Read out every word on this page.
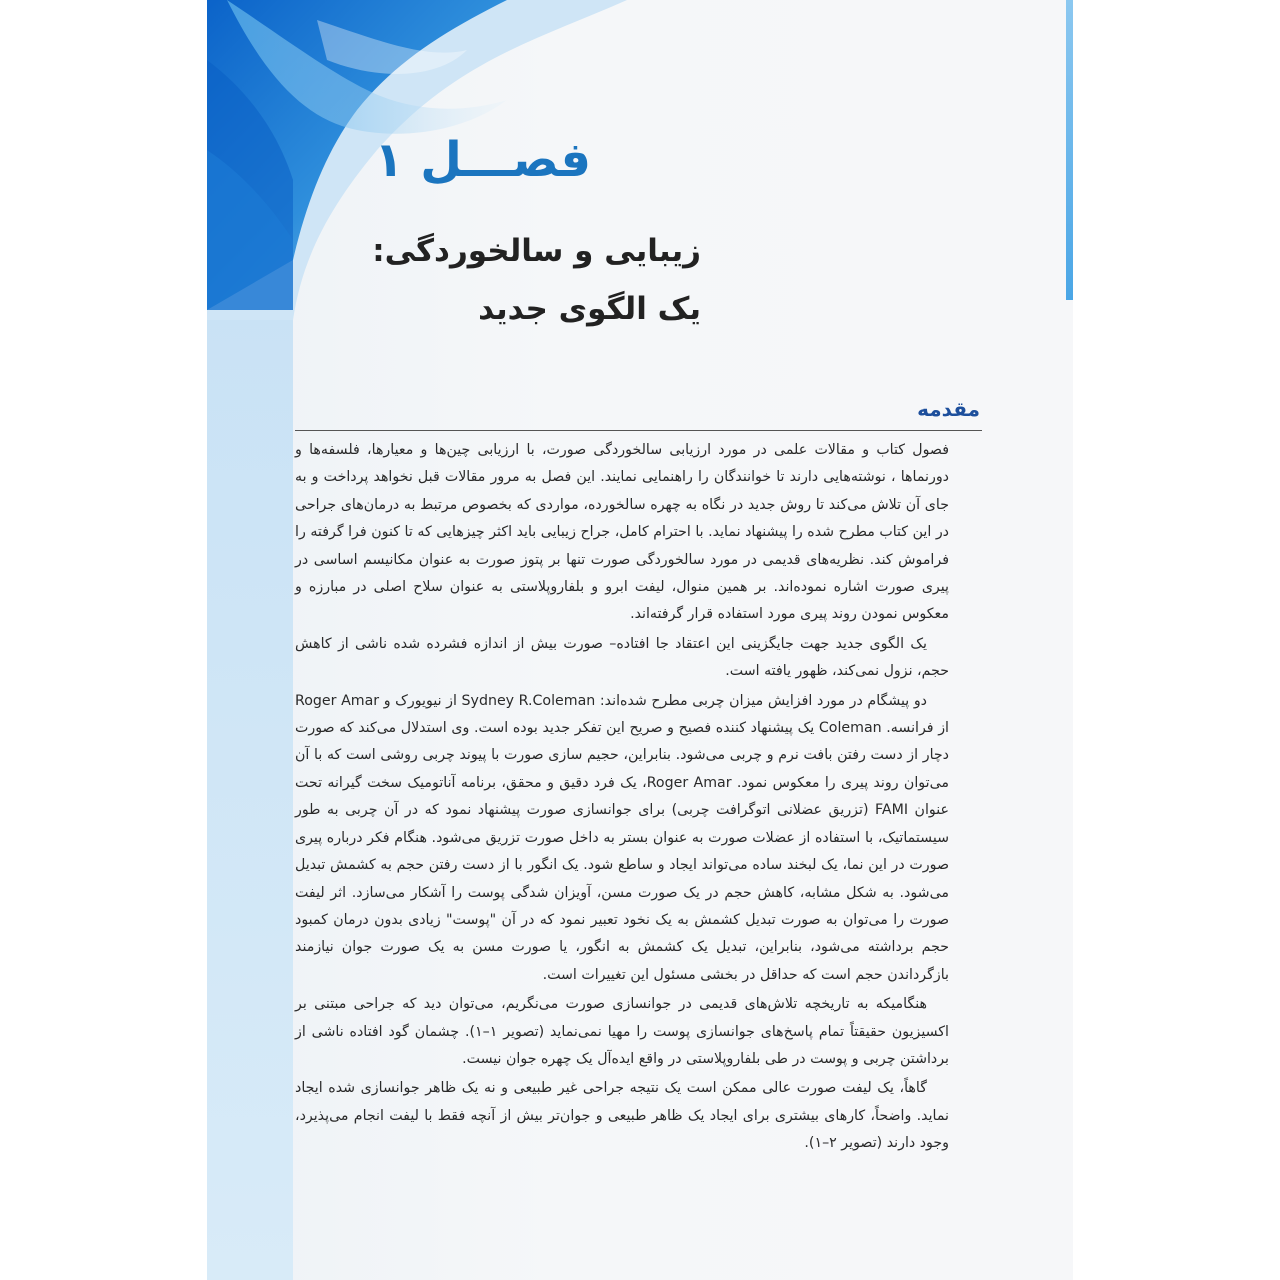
فصـــل ۱
زیبایی و سالخوردگی:
یک الگوی جدید
مقدمه

فصول کتاب و مقالات علمی در مورد ارزیابی سالخوردگی صورت، با ارزیابی چین‌ها و معیارها، فلسفه‌ها و دورنماها ، نوشته‌هایی دارند تا خوانندگان را راهنمایی نمایند. این فصل به مرور مقالات قبل نخواهد پرداخت و به جای آن تلاش می‌کند تا روش جدید در نگاه به چهره سالخورده، مواردی که بخصوص مرتبط به درمان‌های جراحی در این کتاب مطرح شده را پیشنهاد نماید. با احترام کامل، جراح زیبایی باید اکثر چیزهایی که تا کنون فرا گرفته را فراموش کند. نظریه‌های قدیمی در مورد سالخوردگی صورت تنها بر پتوز صورت به عنوان مکانیسم اساسی در پیری صورت اشاره نموده‌اند. بر همین منوال، لیفت ابرو و بلفاروپلاستی به عنوان سلاح اصلی در مبارزه و معکوس نمودن روند پیری مورد استفاده قرار گرفته‌اند.

یک الگوی جدید جهت جایگزینی این اعتقاد جا افتاده– صورت بیش از اندازه فشرده شده ناشی از کاهش حجم، نزول نمی‌کند، ظهور یافته است.

دو پیشگام در مورد افزایش میزان چربی مطرح شده‌اند: Sydney R.Coleman از نیویورک و Roger Amar از فرانسه. Coleman یک پیشنهاد کننده فصیح و صریح این تفکر جدید بوده است. وی استدلال می‌کند که صورت دچار از دست رفتن بافت نرم و چربی می‌شود. بنابراین، حجیم سازی صورت با پیوند چربی روشی است که با آن می‌توان روند پیری را معکوس نمود. Roger Amar، یک فرد دقیق و محقق، برنامه آناتومیک سخت گیرانه تحت عنوان FAMI (تزریق عضلانی اتوگرافت چربی) برای جوانسازی صورت پیشنهاد نمود که در آن چربی به طور سیستماتیک، با استفاده از عضلات صورت به عنوان بستر به داخل صورت تزریق می‌شود. هنگام فکر درباره پیری صورت در این نما، یک لبخند ساده می‌تواند ایجاد و ساطع شود. یک انگور با از دست رفتن حجم به کشمش تبدیل می‌شود. به شکل مشابه، کاهش حجم در یک صورت مسن، آویزان شدگی پوست را آشکار می‌سازد. اثر لیفت صورت را می‌توان به صورت تبدیل کشمش به یک نخود تعبیر نمود که در آن "پوست" زیادی بدون درمان کمبود حجم برداشته می‌شود، بنابراین، تبدیل یک کشمش به انگور، یا صورت مسن به یک صورت جوان نیازمند بازگرداندن حجم است که حداقل در بخشی مسئول این تغییرات است.

هنگامیکه به تاریخچه تلاش‌های قدیمی در جوانسازی صورت می‌نگریم، می‌توان دید که جراحی مبتنی بر اکسیزیون حقیقتاً تمام پاسخ‌های جوانسازی پوست را مهیا نمی‌نماید (تصویر ۱–۱). چشمان گود افتاده ناشی از برداشتن چربی و پوست در طی بلفاروپلاستی در واقع ایده‌آل یک چهره جوان نیست.

گاهاً، یک لیفت صورت عالی ممکن است یک نتیجه جراحی غیر طبیعی و نه یک ظاهر جوانسازی شده ایجاد نماید. واضحاً، کارهای بیشتری برای ایجاد یک ظاهر طبیعی و جوان‌تر بیش از آنچه فقط با لیفت انجام می‌پذیرد، وجود دارند (تصویر ۲–۱).
